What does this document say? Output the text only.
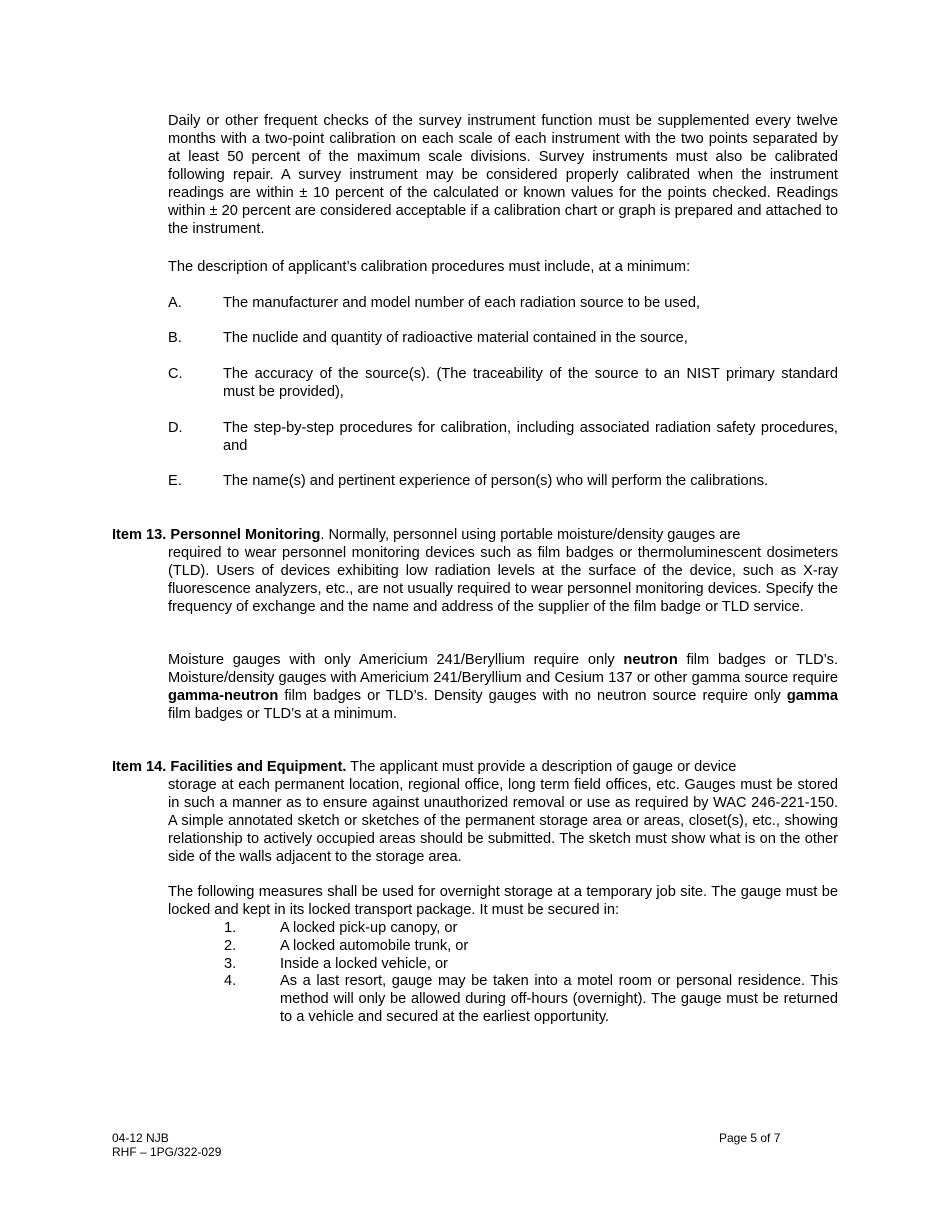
Daily or other frequent checks of the survey instrument function must be supplemented every twelve months with a two-point calibration on each scale of each instrument with the two points separated by at least 50 percent of the maximum scale divisions. Survey instruments must also be calibrated following repair. A survey instrument may be considered properly calibrated when the instrument readings are within ± 10 percent of the calculated or known values for the points checked. Readings within ± 20 percent are considered acceptable if a calibration chart or graph is prepared and attached to the instrument.

The description of applicant’s calibration procedures must include, at a minimum:

A.	The manufacturer and model number of each radiation source to be used,

B.	The nuclide and quantity of radioactive material contained in the source,

C.	The accuracy of the source(s). (The traceability of the source to an NIST primary standard must be provided),

D.	The step-by-step procedures for calibration, including associated radiation safety procedures, and

E.	The name(s) and pertinent experience of person(s) who will perform the calibrations.

Item 13. Personnel Monitoring. Normally, personnel using portable moisture/density gauges are

required to wear personnel monitoring devices such as film badges or thermoluminescent dosimeters (TLD). Users of devices exhibiting low radiation levels at the surface of the device, such as X-ray fluorescence analyzers, etc., are not usually required to wear personnel monitoring devices. Specify the frequency of exchange and the name and address of the supplier of the film badge or TLD service.

Moisture gauges with only Americium 241/Beryllium require only neutron film badges or TLD’s. Moisture/density gauges with Americium 241/Beryllium and Cesium 137 or other gamma source require gamma-neutron film badges or TLD’s. Density gauges with no neutron source require only gamma film badges or TLD’s at a minimum.

Item 14. Facilities and Equipment. The applicant must provide a description of gauge or device

storage at each permanent location, regional office, long term field offices, etc. Gauges must be stored in such a manner as to ensure against unauthorized removal or use as required by WAC 246-221-150. A simple annotated sketch or sketches of the permanent storage area or areas, closet(s), etc., showing relationship to actively occupied areas should be submitted. The sketch must show what is on the other side of the walls adjacent to the storage area.

The following measures shall be used for overnight storage at a temporary job site. The gauge must be locked and kept in its locked transport package. It must be secured in:

1.	A locked pick-up canopy, or

2.	A locked automobile trunk, or

3.	Inside a locked vehicle, or

4.	As a last resort, gauge may be taken into a motel room or personal residence. This method will only be allowed during off-hours (overnight). The gauge must be returned to a vehicle and secured at the earliest opportunity.

04-12 NJB
RHF – 1PG/322-029
Page 5 of 7
